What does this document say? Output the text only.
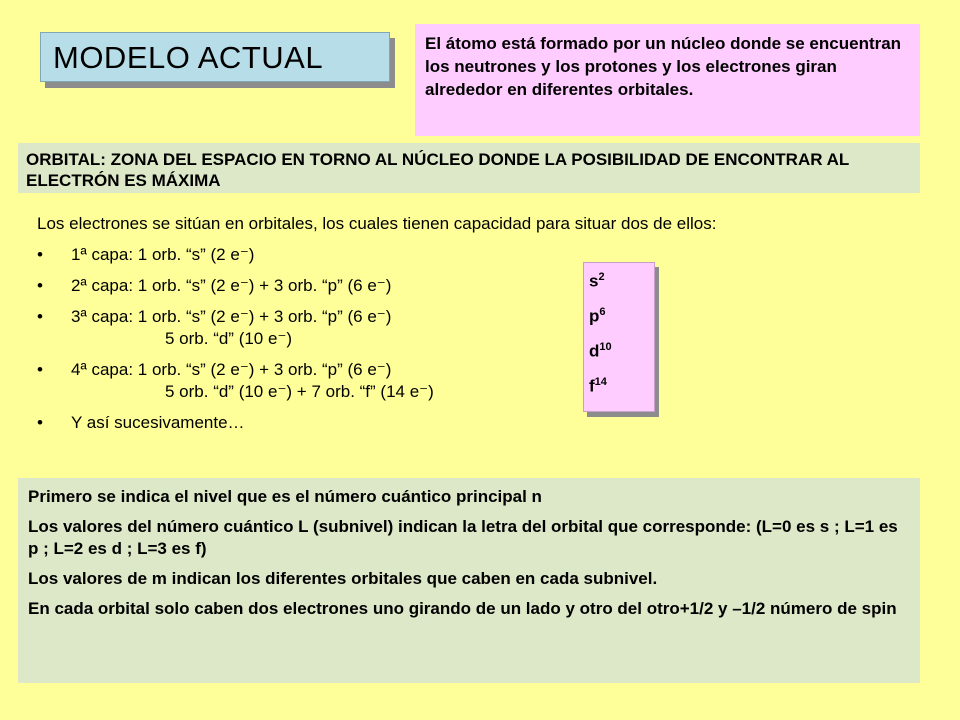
MODELO ACTUAL	El átomo está formado por un núcleo donde se encuentran los neutrones y los protones y los electrones giran alrededor en diferentes orbitales.
ORBITAL: ZONA DEL ESPACIO EN TORNO AL NÚCLEO DONDE LA POSIBILIDAD DE ENCONTRAR AL ELECTRÓN ES MÁXIMA

Los electrones se sitúan en orbitales, los cuales tienen capacidad para situar dos de ellos:

• 1ª capa: 1 orb. “s” (2 e⁻)
• 2ª capa: 1 orb. “s” (2 e⁻) + 3 orb. “p” (6 e⁻)
• 3ª capa: 1 orb. “s” (2 e⁻) + 3 orb. “p” (6 e⁻)
5 orb. “d” (10 e⁻)
• 4ª capa: 1 orb. “s” (2 e⁻) + 3 orb. “p” (6 e⁻)
5 orb. “d” (10 e⁻) + 7 orb. “f” (14 e⁻)
• Y así sucesivamente…
$s^2$
$p^6$
$d^{10}$
$f^{14}$

Primero se indica el nivel que es el número cuántico principal n

Los valores del número cuántico L (subnivel) indican la letra del orbital que corresponde: (L=0 es s ; L=1 es p ; L=2 es d ; L=3 es f)

Los valores de m indican los diferentes orbitales que caben en cada subnivel.

En cada orbital solo caben dos electrones uno girando de un lado y otro del otro+1/2 y –1/2 número de spin
